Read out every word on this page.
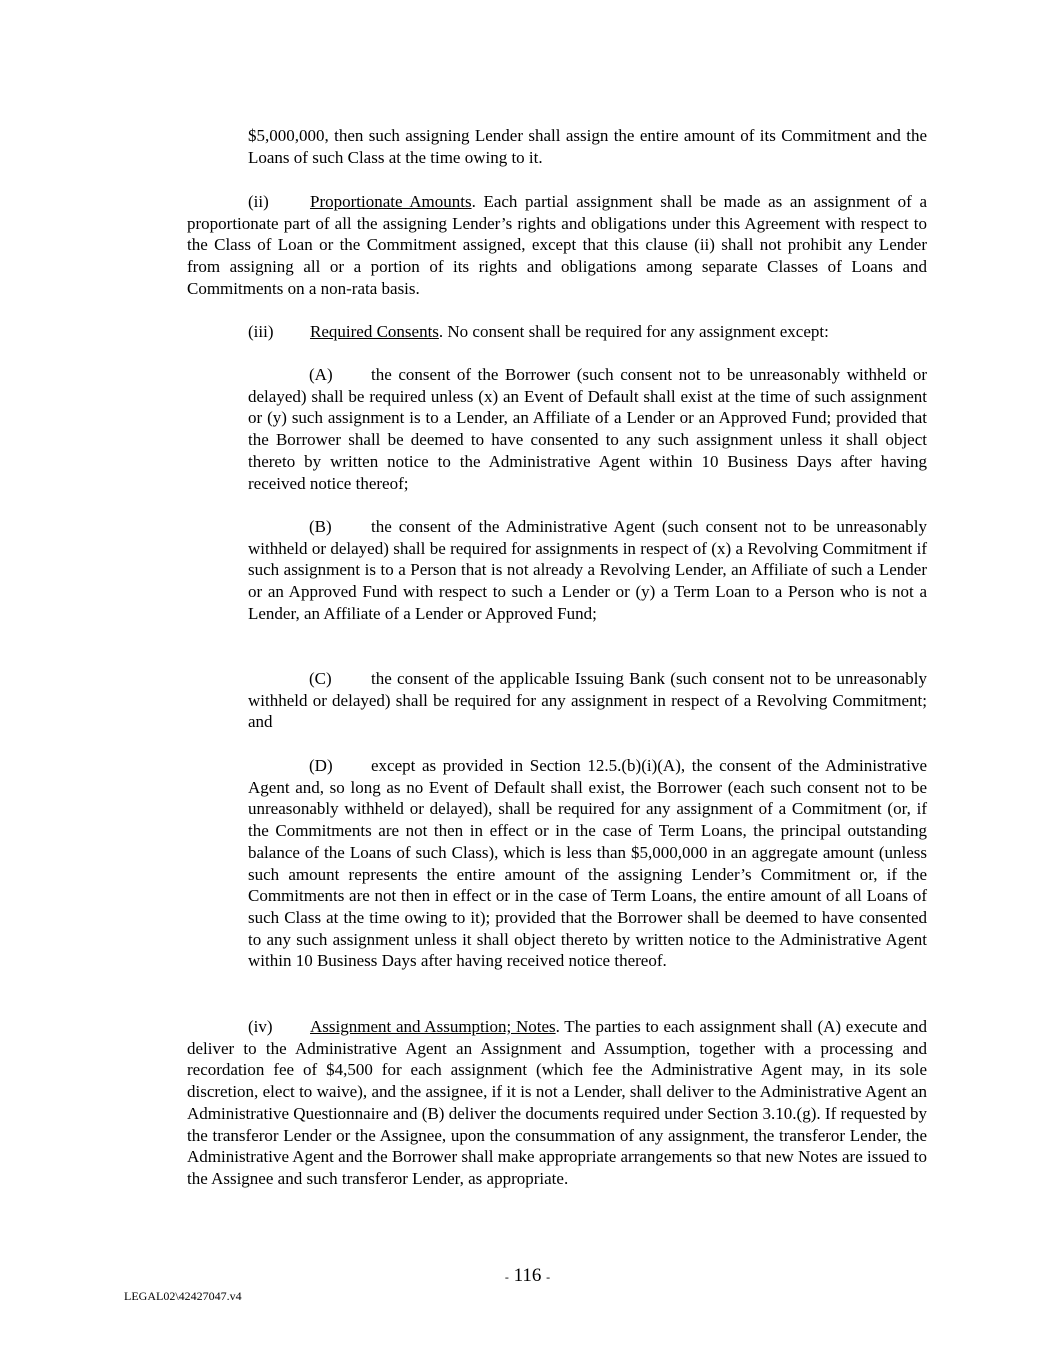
$5,000,000, then such assigning Lender shall assign the entire amount of its Commitment and the Loans of such Class at the time owing to it.

(ii) Proportionate Amounts. Each partial assignment shall be made as an assignment of a proportionate part of all the assigning Lender’s rights and obligations under this Agreement with respect to the Class of Loan or the Commitment assigned, except that this clause (ii) shall not prohibit any Lender from assigning all or a portion of its rights and obligations among separate Classes of Loans and Commitments on a non-rata basis.

(iii) Required Consents. No consent shall be required for any assignment except:

(A) the consent of the Borrower (such consent not to be unreasonably withheld or delayed) shall be required unless (x) an Event of Default shall exist at the time of such assignment or (y) such assignment is to a Lender, an Affiliate of a Lender or an Approved Fund; provided that the Borrower shall be deemed to have consented to any such assignment unless it shall object thereto by written notice to the Administrative Agent within 10 Business Days after having received notice thereof;

(B) the consent of the Administrative Agent (such consent not to be unreasonably withheld or delayed) shall be required for assignments in respect of (x) a Revolving Commitment if such assignment is to a Person that is not already a Revolving Lender, an Affiliate of such a Lender or an Approved Fund with respect to such a Lender or (y) a Term Loan to a Person who is not a Lender, an Affiliate of a Lender or Approved Fund;

(C) the consent of the applicable Issuing Bank (such consent not to be unreasonably withheld or delayed) shall be required for any assignment in respect of a Revolving Commitment; and

(D) except as provided in Section 12.5.(b)(i)(A), the consent of the Administrative Agent and, so long as no Event of Default shall exist, the Borrower (each such consent not to be unreasonably withheld or delayed), shall be required for any assignment of a Commitment (or, if the Commitments are not then in effect or in the case of Term Loans, the principal outstanding balance of the Loans of such Class), which is less than $5,000,000 in an aggregate amount (unless such amount represents the entire amount of the assigning Lender’s Commitment or, if the Commitments are not then in effect or in the case of Term Loans, the entire amount of all Loans of such Class at the time owing to it); provided that the Borrower shall be deemed to have consented to any such assignment unless it shall object thereto by written notice to the Administrative Agent within 10 Business Days after having received notice thereof.

(iv) Assignment and Assumption; Notes. The parties to each assignment shall (A) execute and deliver to the Administrative Agent an Assignment and Assumption, together with a processing and recordation fee of $4,500 for each assignment (which fee the Administrative Agent may, in its sole discretion, elect to waive), and the assignee, if it is not a Lender, shall deliver to the Administrative Agent an Administrative Questionnaire and (B) deliver the documents required under Section 3.10.(g). If requested by the transferor Lender or the Assignee, upon the consummation of any assignment, the transferor Lender, the Administrative Agent and the Borrower shall make appropriate arrangements so that new Notes are issued to the Assignee and such transferor Lender, as appropriate.

- 116 -
LEGAL02\42427047.v4
